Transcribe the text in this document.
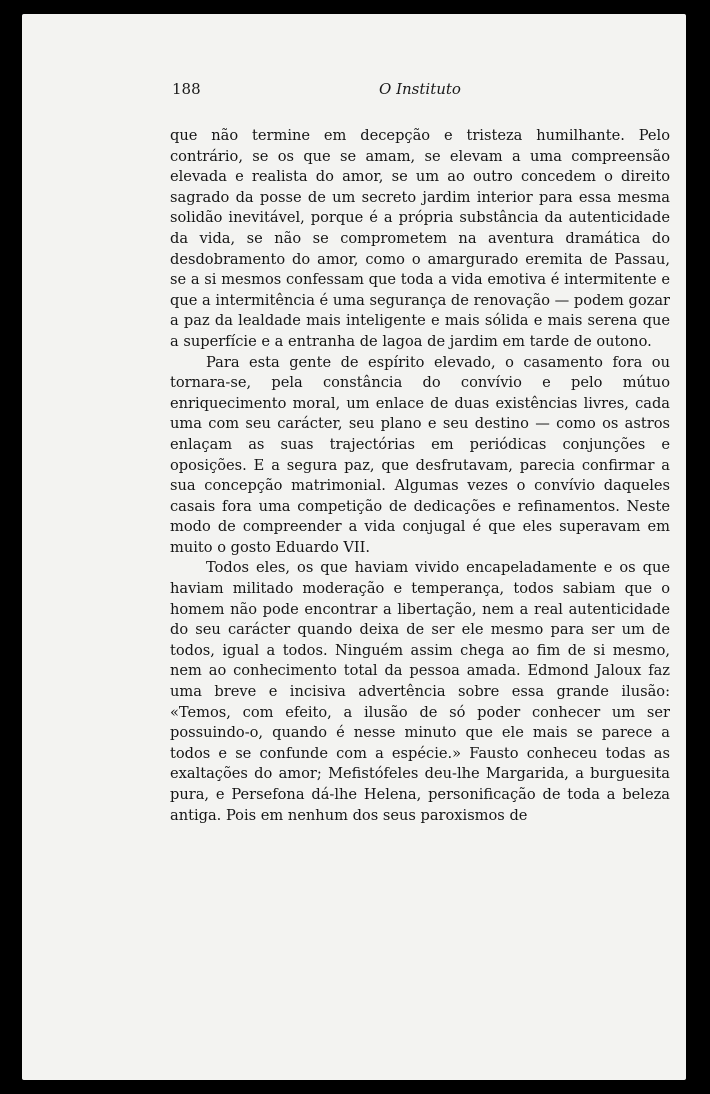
188	O Instituto

que não termine em decepção e tristeza humilhante. Pelo contrário, se os que se amam, se elevam a uma compreensão elevada e realista do amor, se um ao outro concedem o direito sagrado da posse de um secreto jardim interior para essa mesma solidão inevitável, porque é a própria substância da autenticidade da vida, se não se comprometem na aventura dramática do desdobramento do amor, como o amargurado eremita de Passau, se a si mesmos confessam que toda a vida emotiva é intermitente e que a intermitência é uma segurança de renovação — podem gozar a paz da lealdade mais inteligente e mais sólida e mais serena que a superfície e a entranha de lagoa de jardim em tarde de outono.

Para esta gente de espírito elevado, o casamento fora ou tornara-se, pela constância do convívio e pelo mútuo enriquecimento moral, um enlace de duas existências livres, cada uma com seu carácter, seu plano e seu destino — como os astros enlaçam as suas trajectórias em periódicas conjunções e oposições. E a segura paz, que desfrutavam, parecia confirmar a sua concepção matrimonial. Algumas vezes o convívio daqueles casais fora uma competição de dedicações e refinamentos. Neste modo de compreender a vida conjugal é que eles superavam em muito o gosto Eduardo VII.

Todos eles, os que haviam vivido encapeladamente e os que haviam militado moderação e temperança, todos sabiam que o homem não pode encontrar a libertação, nem a real autenticidade do seu carácter quando deixa de ser ele mesmo para ser um de todos, igual a todos. Ninguém assim chega ao fim de si mesmo, nem ao conhecimento total da pessoa amada. Edmond Jaloux faz uma breve e incisiva advertência sobre essa grande ilusão: «Temos, com efeito, a ilusão de só poder conhecer um ser possuindo-o, quando é nesse minuto que ele mais se parece a todos e se confunde com a espécie.» Fausto conheceu todas as exaltações do amor; Mefistófeles deu-lhe Margarida, a burguesita pura, e Persefona dá-lhe Helena, personificação de toda a beleza antiga. Pois em nenhum dos seus paroxismos de
